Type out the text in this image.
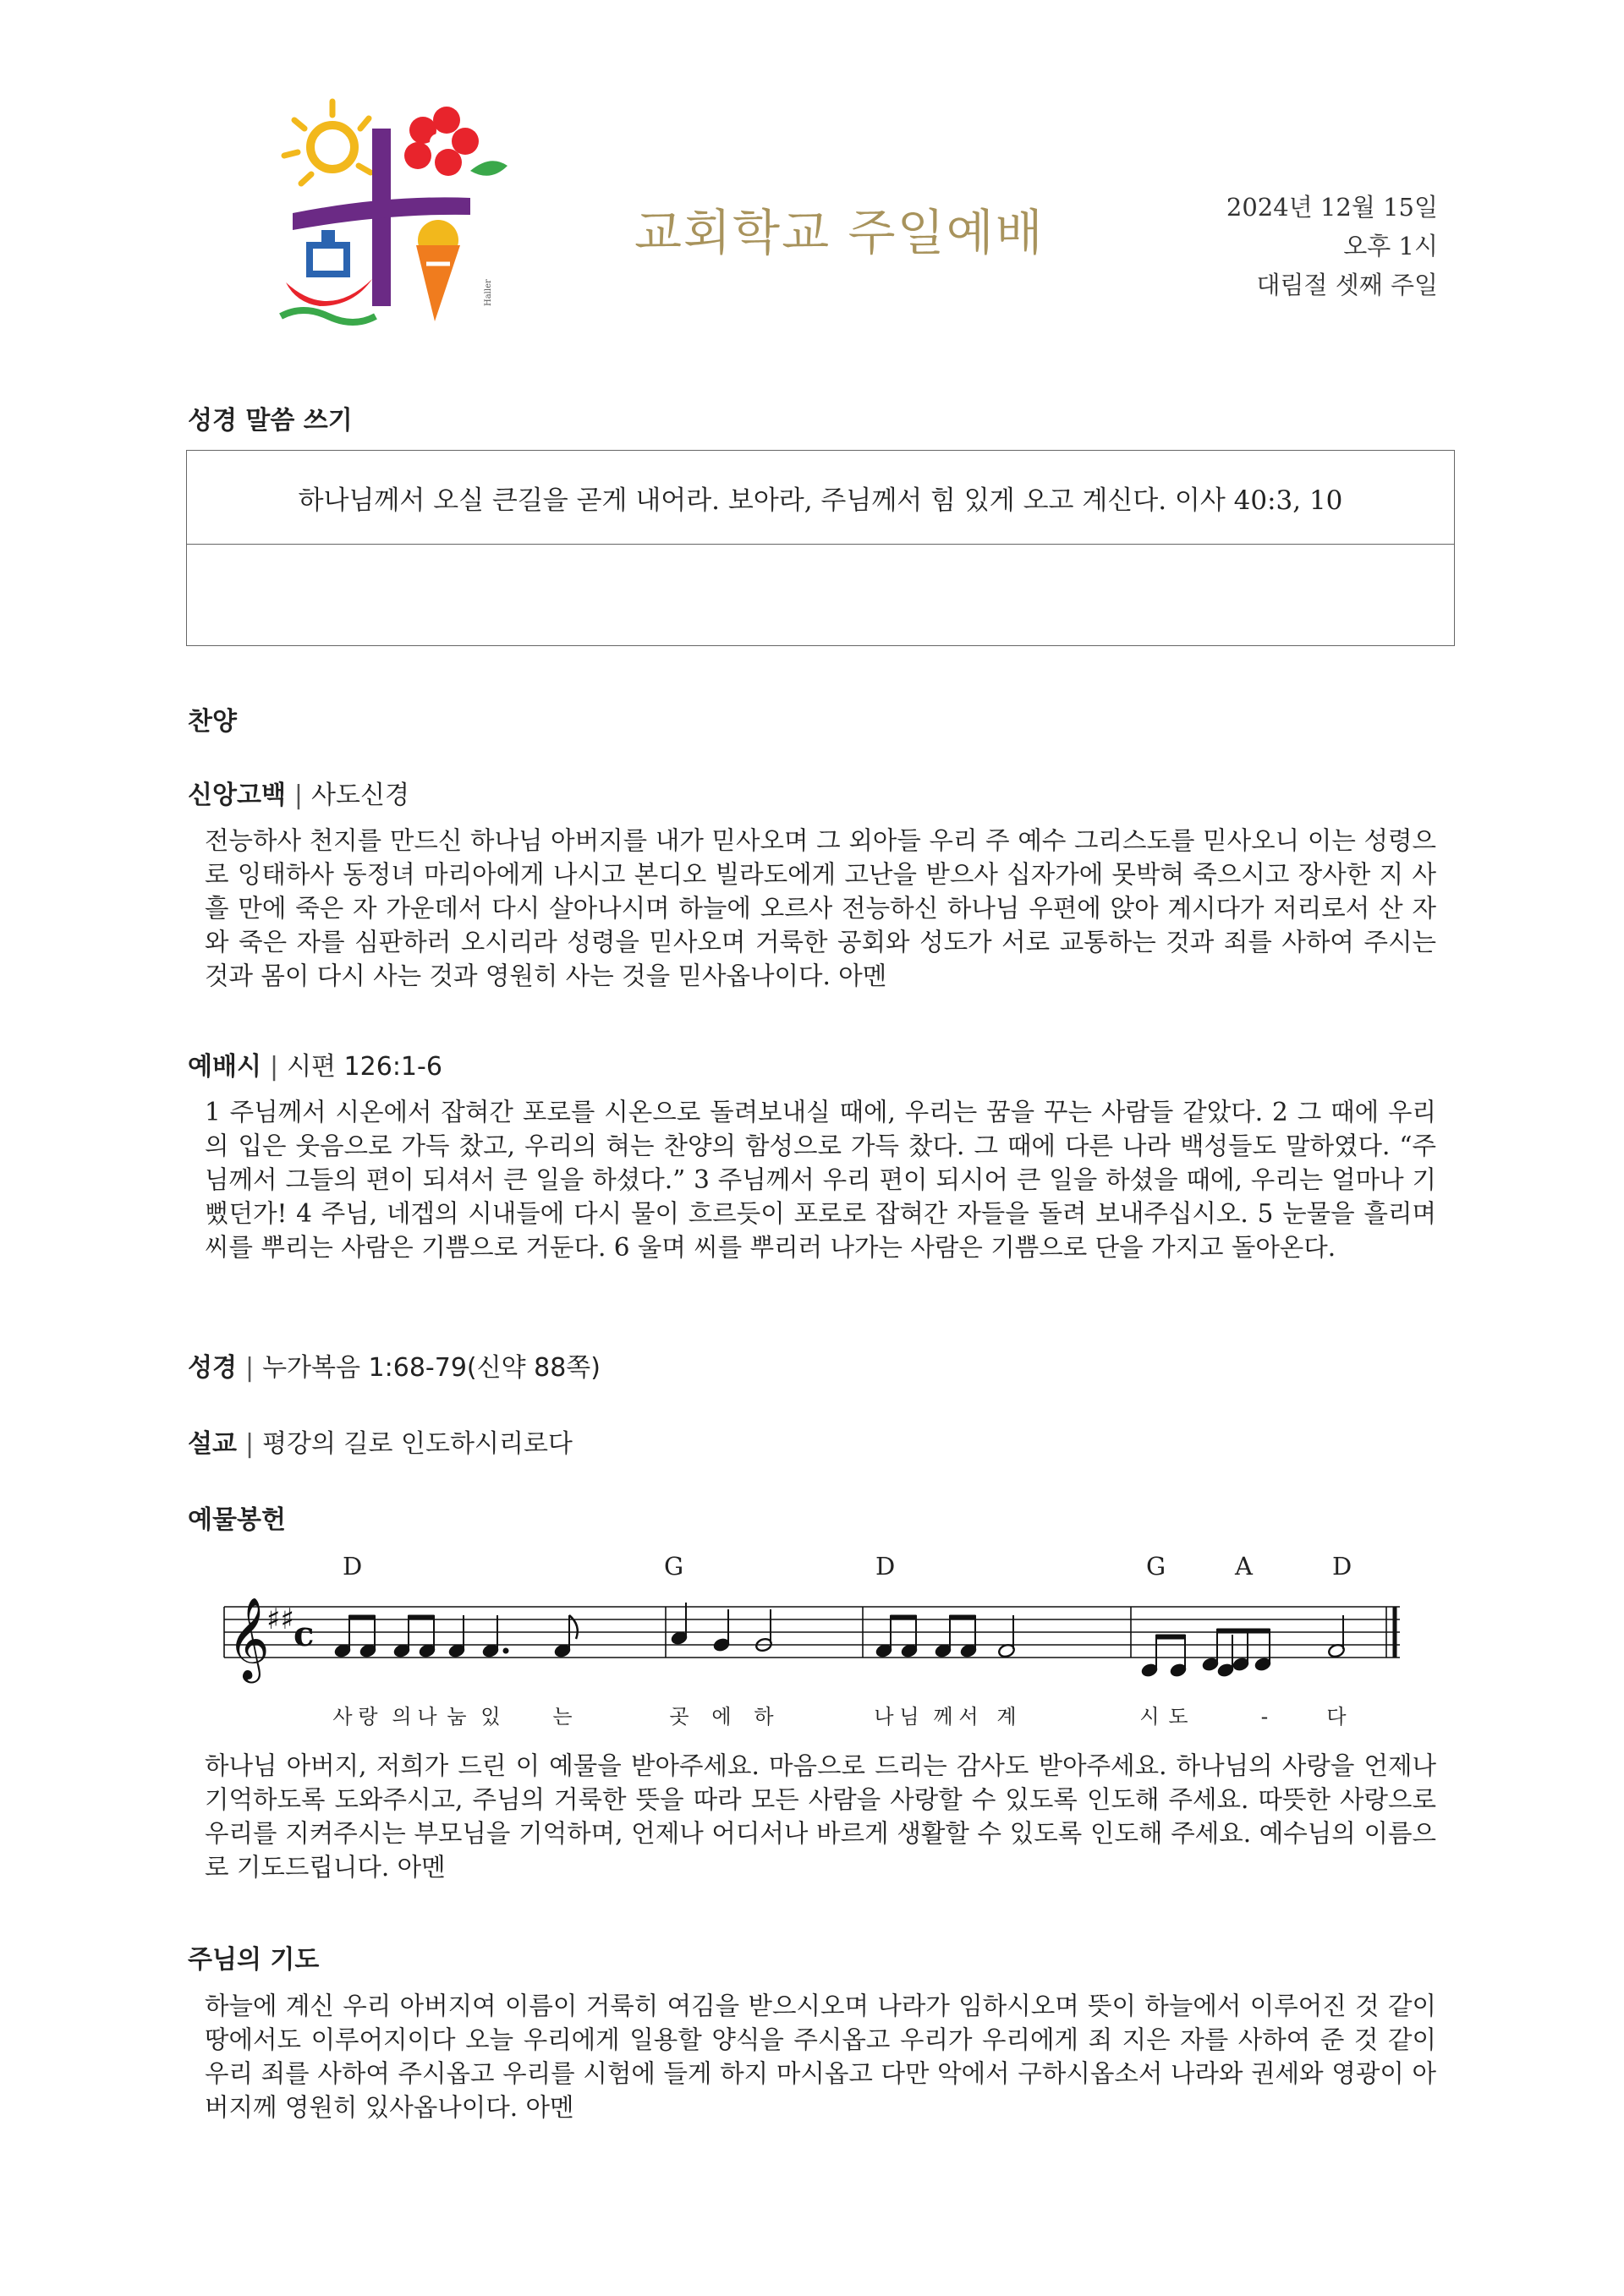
Haller
교회학교 주일예배	2024년 12월 15일
오후 1시
대림절 셋째 주일
성경 말씀 쓰기
하나님께서 오실 큰길을 곧게 내어라. 보아라, 주님께서 힘 있게 오고 계신다. 이사 40:3, 10
찬양
신앙고백 | 사도신경
전능하사 천지를 만드신 하나님 아버지를 내가 믿사오며 그 외아들 우리 주 예수 그리스도를 믿사오니 이는 성령으로 잉태하사 동정녀 마리아에게 나시고 본디오 빌라도에게 고난을 받으사 십자가에 못박혀 죽으시고 장사한 지 사흘 만에 죽은 자 가운데서 다시 살아나시며 하늘에 오르사 전능하신 하나님 우편에 앉아 계시다가 저리로서 산 자와 죽은 자를 심판하러 오시리라 성령을 믿사오며 거룩한 공회와 성도가 서로 교통하는 것과 죄를 사하여 주시는 것과 몸이 다시 사는 것과 영원히 사는 것을 믿사옵나이다. 아멘
예배시 | 시편 126:1-6
1 주님께서 시온에서 잡혀간 포로를 시온으로 돌려보내실 때에, 우리는 꿈을 꾸는 사람들 같았다. 2 그 때에 우리의 입은 웃음으로 가득 찼고, 우리의 혀는 찬양의 함성으로 가득 찼다. 그 때에 다른 나라 백성들도 말하였다. “주님께서 그들의 편이 되셔서 큰 일을 하셨다.” 3 주님께서 우리 편이 되시어 큰 일을 하셨을 때에, 우리는 얼마나 기뻤던가! 4 주님, 네겝의 시내들에 다시 물이 흐르듯이 포로로 잡혀간 자들을 돌려 보내주십시오. 5 눈물을 흘리며 씨를 뿌리는 사람은 기쁨으로 거둔다. 6 울며 씨를 뿌리러 나가는 사람은 기쁨으로 단을 가지고 돌아온다.
성경 | 누가복음 1:68-79(신약 88쪽)
설교 | 평강의 길로 인도하시리로다
예물봉헌
D	G	D	G	A	D
𝄞
♯♯ c
사 랑 의 나 눔 있	는	곳 에 하	나 님 께 서 계	시 도	-	다
하나님 아버지, 저희가 드린 이 예물을 받아주세요. 마음으로 드리는 감사도 받아주세요. 하나님의 사랑을 언제나 기억하도록 도와주시고, 주님의 거룩한 뜻을 따라 모든 사람을 사랑할 수 있도록 인도해 주세요. 따뜻한 사랑으로 우리를 지켜주시는 부모님을 기억하며, 언제나 어디서나 바르게 생활할 수 있도록 인도해 주세요. 예수님의 이름으로 기도드립니다. 아멘
주님의 기도
하늘에 계신 우리 아버지여 이름이 거룩히 여김을 받으시오며 나라가 임하시오며 뜻이 하늘에서 이루어진 것 같이 땅에서도 이루어지이다 오늘 우리에게 일용할 양식을 주시옵고 우리가 우리에게 죄 지은 자를 사하여 준 것 같이 우리 죄를 사하여 주시옵고 우리를 시험에 들게 하지 마시옵고 다만 악에서 구하시옵소서 나라와 권세와 영광이 아버지께 영원히 있사옵나이다. 아멘
